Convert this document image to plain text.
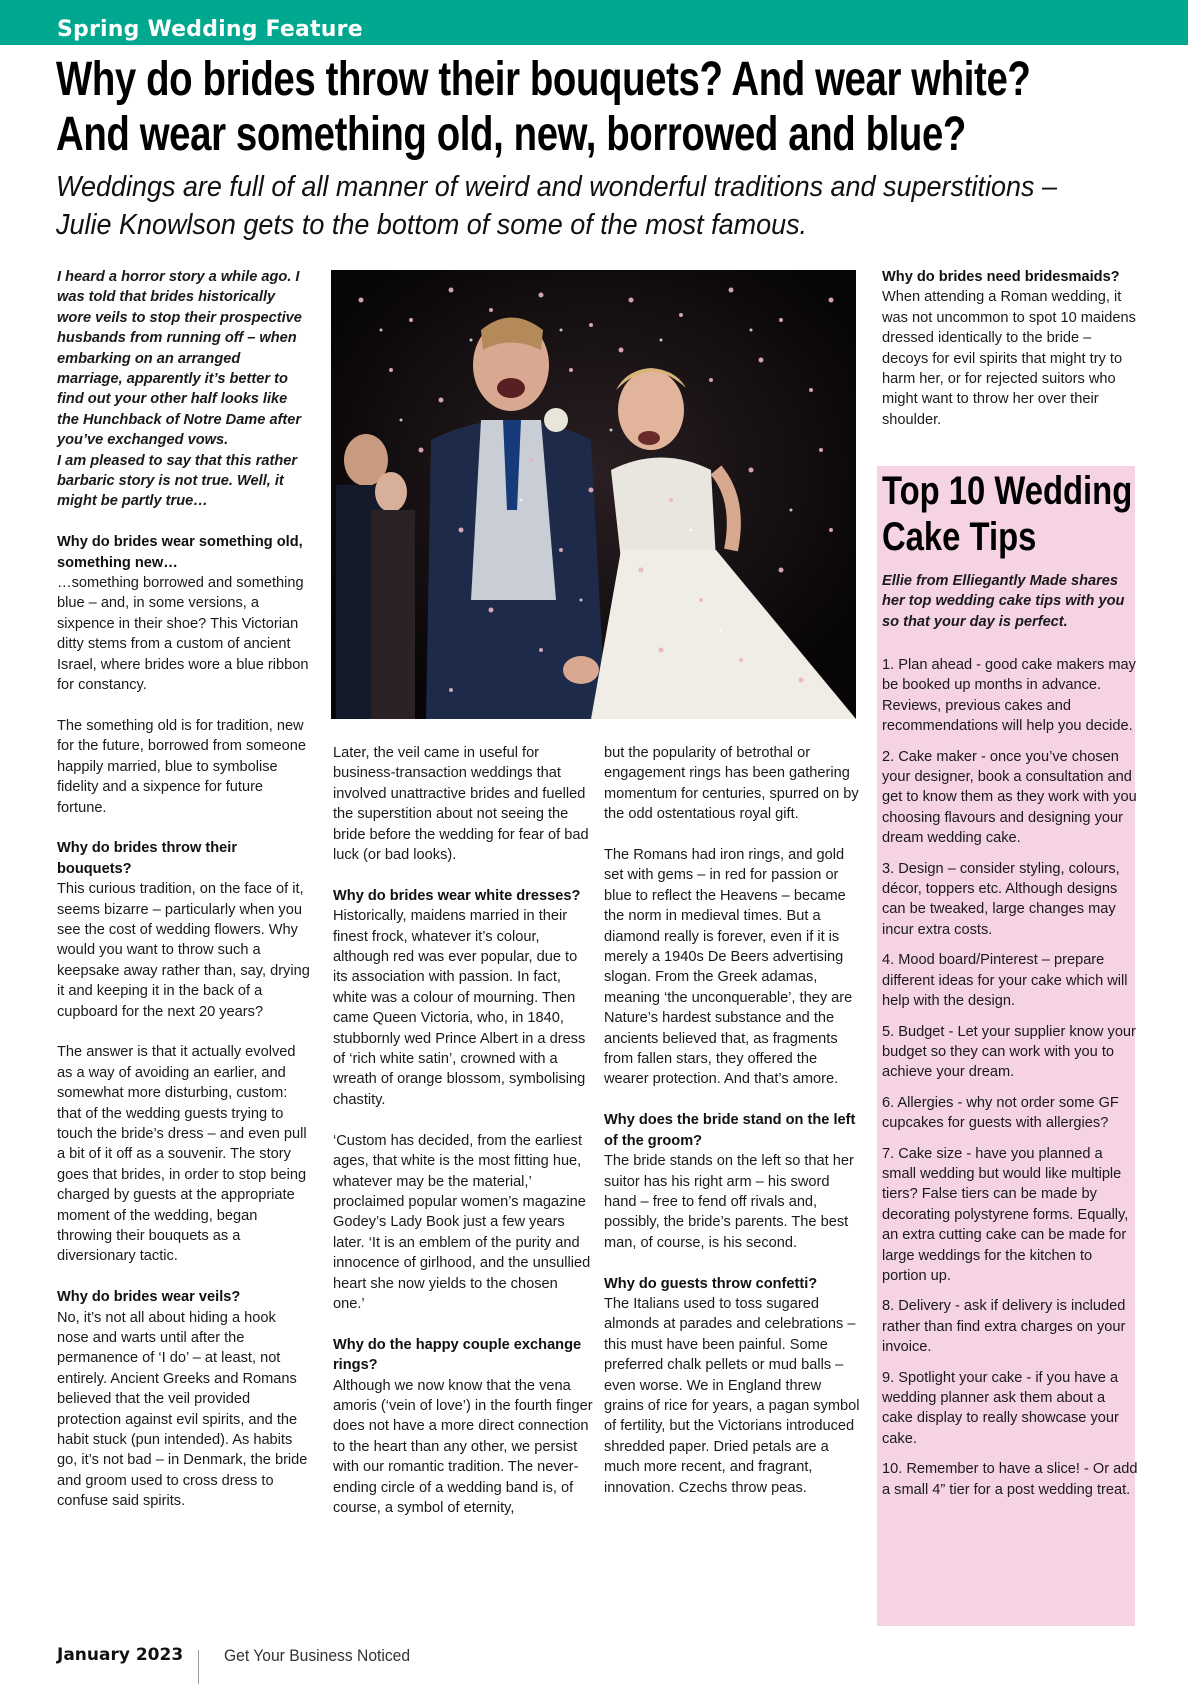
Spring Wedding Feature
Why do brides throw their bouquets? And wear white?
And wear something old, new, borrowed and blue?
Weddings are full of all manner of weird and wonderful traditions and superstitions –
Julie Knowlson gets to the bottom of some of the most famous.

I heard a horror story a while ago. I was told that brides historically wore veils to stop their prospective husbands from running off – when embarking on an arranged marriage, apparently it’s better to find out your other half looks like the Hunchback of Notre Dame after you’ve exchanged vows.

I am pleased to say that this rather barbaric story is not true. Well, it might be partly true…

Why do brides wear something old, something new…

…something borrowed and something blue – and, in some versions, a sixpence in their shoe? This Victorian ditty stems from a custom of ancient Israel, where brides wore a blue ribbon for constancy.

The something old is for tradition, new for the future, borrowed from someone happily married, blue to symbolise fidelity and a sixpence for future fortune.

Why do brides throw their bouquets?

This curious tradition, on the face of it, seems bizarre – particularly when you see the cost of wedding flowers. Why would you want to throw such a keepsake away rather than, say, drying it and keeping it in the back of a cupboard for the next 20 years?

The answer is that it actually evolved as a way of avoiding an earlier, and somewhat more disturbing, custom: that of the wedding guests trying to touch the bride’s dress – and even pull a bit of it off as a souvenir. The story goes that brides, in order to stop being charged by guests at the appropriate moment of the wedding, began throwing their bouquets as a diversionary tactic.

Why do brides wear veils?

No, it’s not all about hiding a hook nose and warts until after the permanence of ‘I do’ – at least, not entirely. Ancient Greeks and Romans believed that the veil provided protection against evil spirits, and the habit stuck (pun intended). As habits go, it’s not bad – in Denmark, the bride and groom used to cross dress to confuse said spirits.

Later, the veil came in useful for business-transaction weddings that involved unattractive brides and fuelled the superstition about not seeing the bride before the wedding for fear of bad luck (or bad looks).

Why do brides wear white dresses?

Historically, maidens married in their finest frock, whatever it’s colour, although red was ever popular, due to its association with passion. In fact, white was a colour of mourning. Then came Queen Victoria, who, in 1840, stubbornly wed Prince Albert in a dress of ‘rich white satin’, crowned with a wreath of orange blossom, symbolising chastity.

‘Custom has decided, from the earliest ages, that white is the most fitting hue, whatever may be the material,’ proclaimed popular women’s magazine Godey’s Lady Book just a few years later. ‘It is an emblem of the purity and innocence of girlhood, and the unsullied heart she now yields to the chosen one.’

Why do the happy couple exchange rings?

Although we now know that the vena amoris (‘vein of love’) in the fourth finger does not have a more direct connection to the heart than any other, we persist with our romantic tradition. The never-ending circle of a wedding band is, of course, a symbol of eternity,

but the popularity of betrothal or engagement rings has been gathering momentum for centuries, spurred on by the odd ostentatious royal gift.

The Romans had iron rings, and gold set with gems – in red for passion or blue to reflect the Heavens – became the norm in medieval times. But a diamond really is forever, even if it is merely a 1940s De Beers advertising slogan. From the Greek adamas, meaning ‘the unconquerable’, they are Nature’s hardest substance and the ancients believed that, as fragments from fallen stars, they offered the wearer protection. And that’s amore.

Why does the bride stand on the left of the groom?

The bride stands on the left so that her suitor has his right arm – his sword hand – free to fend off rivals and, possibly, the bride’s parents. The best man, of course, is his second.

Why do guests throw confetti?

The Italians used to toss sugared almonds at parades and celebrations – this must have been painful. Some preferred chalk pellets or mud balls – even worse. We in England threw grains of rice for years, a pagan symbol of fertility, but the Victorians introduced shredded paper. Dried petals are a much more recent, and fragrant, innovation. Czechs throw peas.

Why do brides need bridesmaids?

When attending a Roman wedding, it was not uncommon to spot 10 maidens dressed identically to the bride – decoys for evil spirits that might try to harm her, or for rejected suitors who might want to throw her over their shoulder.

Top 10 Wedding
Cake Tips

Ellie from Elliegantly Made shares her top wedding cake tips with you so that your day is perfect.

1. Plan ahead - good cake makers may be booked up months in advance. Reviews, previous cakes and recommendations will help you decide.
2. Cake maker - once you’ve chosen your designer, book a consultation and get to know them as they work with you choosing flavours and designing your dream wedding cake.
3. Design – consider styling, colours, décor, toppers etc. Although designs can be tweaked, large changes may incur extra costs.
4. Mood board/Pinterest – prepare different ideas for your cake which will help with the design.
5. Budget - Let your supplier know your budget so they can work with you to achieve your dream.
6. Allergies - why not order some GF cupcakes for guests with allergies?
7. Cake size - have you planned a small wedding but would like multiple tiers? False tiers can be made by decorating polystyrene forms. Equally, an extra cutting cake can be made for large weddings for the kitchen to portion up.
8. Delivery - ask if delivery is included rather than find extra charges on your invoice.
9. Spotlight your cake - if you have a wedding planner ask them about a cake display to really showcase your cake.
10. Remember to have a slice! - Or add a small 4” tier for a post wedding treat.
January 2023 Get Your Business Noticed
